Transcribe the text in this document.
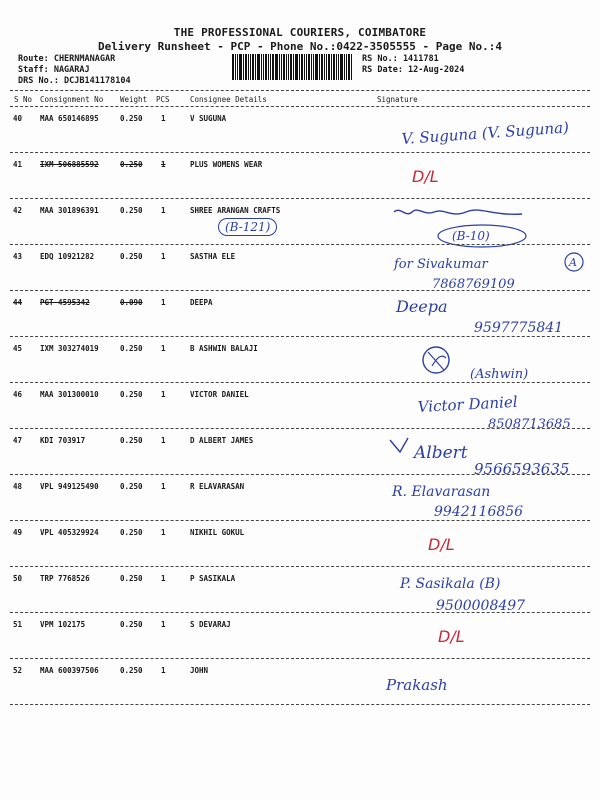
THE PROFESSIONAL COURIERS, COIMBATORE
Delivery Runsheet - PCP - Phone No.:0422-3505555 - Page No.:4
Route: CHERNMANAGAR
Staff: NAGARAJ
DRS No.: DCJB141178104
RS No.: 1411781
RS Date: 12-Aug-2024
S No Consignment No Weight PCS	Consignee Details	Signature
40 MAA 650146895	0.250 1	V SUGUNA	V. Suguna (V. Suguna)
41 IXM 506885592	0.250 1	PLUS WOMENS WEAR
D/L
42 MAA 301896391	0.250 1	SHREE ARANGAN CRAFTS
(B-121)
(B-10)
43 EDQ 10921282	0.250 1	SASTHA ELE
for Sivakumar	A
7868769109
44 PGT 4595342	0.090 1	DEEPA	Deepa
9597775841
45 IXM 303274019	0.250 1	B ASHWIN BALAJI
(Ashwin)
46 MAA 301300010	0.250 1	VICTOR DANIEL	Victor Daniel
8508713685
47 KDI 703917	0.250 1	D ALBERT JAMES
Albert
9566593635
48 VPL 949125490	0.250 1	R ELAVARASAN	R. Elavarasan
9942116856
49 VPL 405329924	0.250 1	NIKHIL GOKUL
D/L
50 TRP 7768526	0.250 1	P SASIKALA	P. Sasikala (B)
9500008497
51 VPM 102175	0.250 1	S DEVARAJ
D/L
52 MAA 600397506	0.250 1	JOHN
Prakash
